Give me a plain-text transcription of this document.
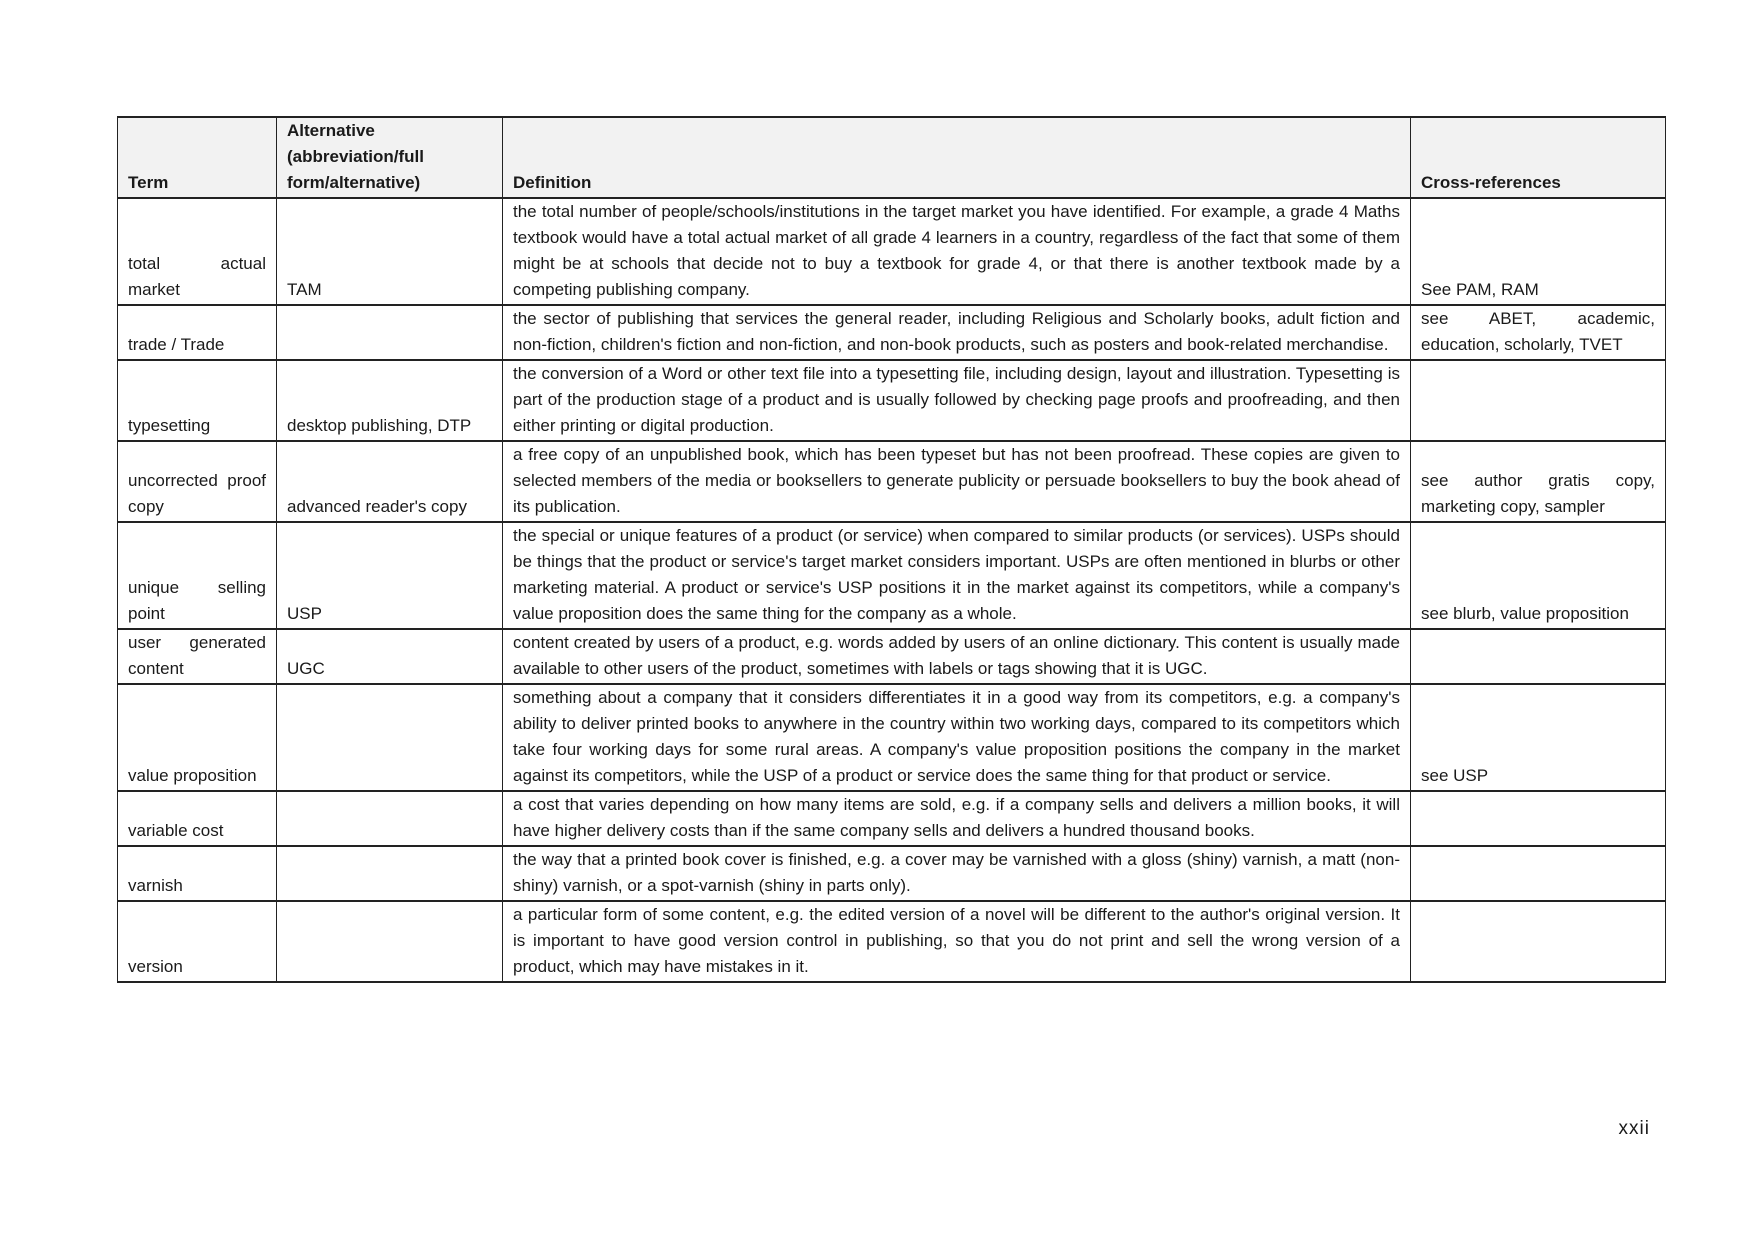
Term	Alternative (abbreviation/full form/alternative)	Definition	Cross-references
total actual market	TAM	the total number of people/schools/institutions in the target market you have identified. For example, a grade 4 Maths textbook would have a total actual market of all grade 4 learners in a country, regardless of the fact that some of them might be at schools that decide not to buy a textbook for grade 4, or that there is another textbook made by a competing publishing company.	See PAM, RAM
trade / Trade		the sector of publishing that services the general reader, including Religious and Scholarly books, adult fiction and non-fiction, children's fiction and non-fiction, and non-book products, such as posters and book-related merchandise.	see ABET, academic, education, scholarly, TVET
typesetting	desktop publishing, DTP	the conversion of a Word or other text file into a typesetting file, including design, layout and illustration. Typesetting is part of the production stage of a product and is usually followed by checking page proofs and proofreading, and then either printing or digital production.	
uncorrected proof copy	advanced reader's copy	a free copy of an unpublished book, which has been typeset but has not been proofread. These copies are given to selected members of the media or booksellers to generate publicity or persuade booksellers to buy the book ahead of its publication.	see author gratis copy, marketing copy, sampler
unique selling point	USP	the special or unique features of a product (or service) when compared to similar products (or services). USPs should be things that the product or service's target market considers important. USPs are often mentioned in blurbs or other marketing material. A product or service's USP positions it in the market against its competitors, while a company's value proposition does the same thing for the company as a whole.	see blurb, value proposition
user generated content	UGC	content created by users of a product, e.g. words added by users of an online dictionary. This content is usually made available to other users of the product, sometimes with labels or tags showing that it is UGC.	
value proposition		something about a company that it considers differentiates it in a good way from its competitors, e.g. a company's ability to deliver printed books to anywhere in the country within two working days, compared to its competitors which take four working days for some rural areas. A company's value proposition positions the company in the market against its competitors, while the USP of a product or service does the same thing for that product or service.	see USP
variable cost		a cost that varies depending on how many items are sold, e.g. if a company sells and delivers a million books, it will have higher delivery costs than if the same company sells and delivers a hundred thousand books.	
varnish		the way that a printed book cover is finished, e.g. a cover may be varnished with a gloss (shiny) varnish, a matt (non-shiny) varnish, or a spot-varnish (shiny in parts only).	
version		a particular form of some content, e.g. the edited version of a novel will be different to the author's original version. It is important to have good version control in publishing, so that you do not print and sell the wrong version of a product, which may have mistakes in it.	
xxii
